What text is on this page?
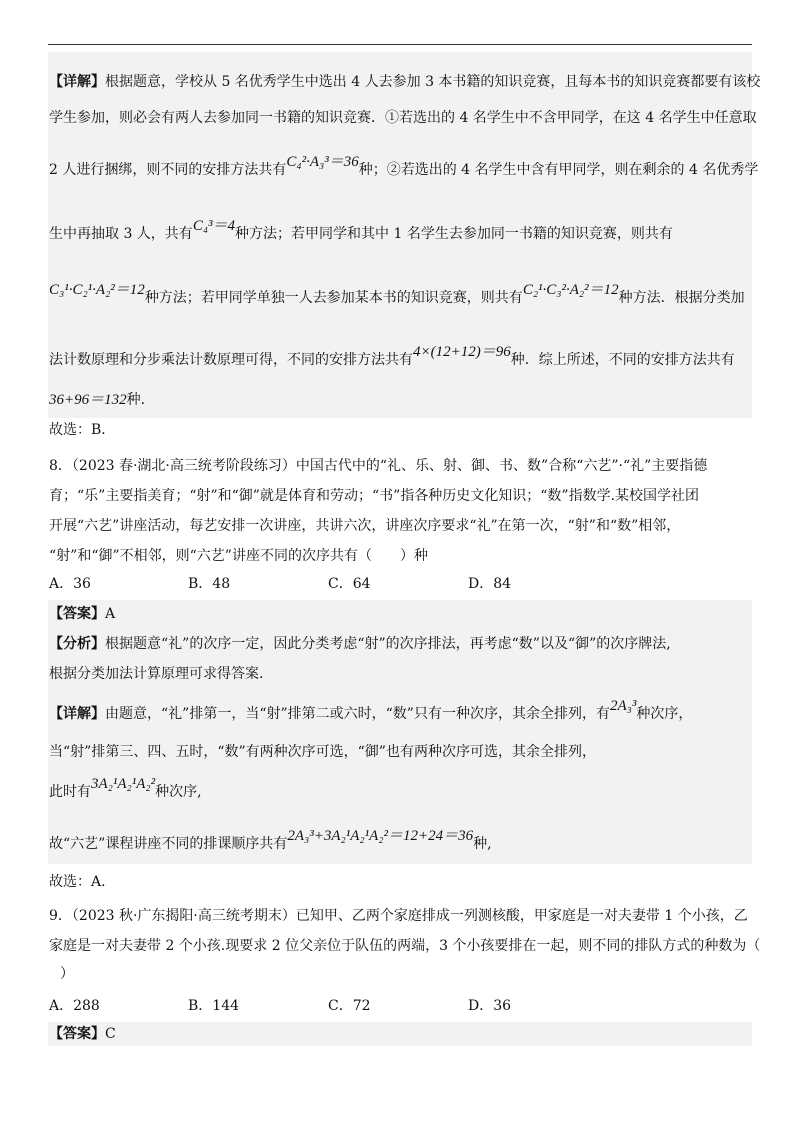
【详解】根据题意，学校从 5 名优秀学生中选出 4 人去参加 3 本书籍的知识竞赛，且每本书的知识竞赛都要有该校
学生参加，则必会有两人去参加同一书籍的知识竞赛．①若选出的 4 名学生中不含甲同学，在这 4 名学生中任意取
2 人进行捆绑，则不同的安排方法共有C₄²·A₃³＝36种；②若选出的 4 名学生中含有甲同学，则在剩余的 4 名优秀学
生中再抽取 3 人，共有C₄³＝4种方法；若甲同学和其中 1 名学生去参加同一书籍的知识竞赛，则共有
C₃¹·C₂¹·A₂²＝12种方法；若甲同学单独一人去参加某本书的知识竞赛，则共有C₂¹·C₃²·A₂²＝12种方法．根据分类加
法计数原理和分步乘法计数原理可得，不同的安排方法共有4×(12+12)＝96种．综上所述，不同的安排方法共有
36+96＝132种．
故选：B．
8．（2023 春·湖北·高三统考阶段练习）中国古代中的“礼、乐、射、御、书、数”合称“六艺”·“礼”主要指德
育；“乐”主要指美育；“射”和“御”就是体育和劳动；“书”指各种历史文化知识；“数”指数学.某校国学社团
开展“六艺”讲座活动，每艺安排一次讲座，共讲六次，讲座次序要求“礼”在第一次，“射”和“数”相邻，
“射”和“御”不相邻，则“六艺”讲座不同的次序共有（　　）种
A．36	B．48	C．64	D．84
【答案】A
【分析】根据题意“礼”的次序一定，因此分类考虑“射”的次序排法，再考虑“数”以及“御”的次序牌法,
根据分类加法计算原理可求得答案.
【详解】由题意，“礼”排第一，当“射”排第二或六时，“数”只有一种次序，其余全排列，有2A₃³种次序，
当“射”排第三、四、五时，“数”有两种次序可选，“御”也有两种次序可选，其余全排列，
此时有3A₂¹A₂¹A₂²种次序,
故“六艺”课程讲座不同的排课顺序共有2A₃³+3A₂¹A₂¹A₂²＝12+24＝36种,
故选：A.
9．（2023 秋·广东揭阳·高三统考期末）已知甲、乙两个家庭排成一列测核酸，甲家庭是一对夫妻带 1 个小孩，乙
家庭是一对夫妻带 2 个小孩.现要求 2 位父亲位于队伍的两端，3 个小孩要排在一起，则不同的排队方式的种数为（
）
A．288	B．144	C．72	D．36
【答案】C
